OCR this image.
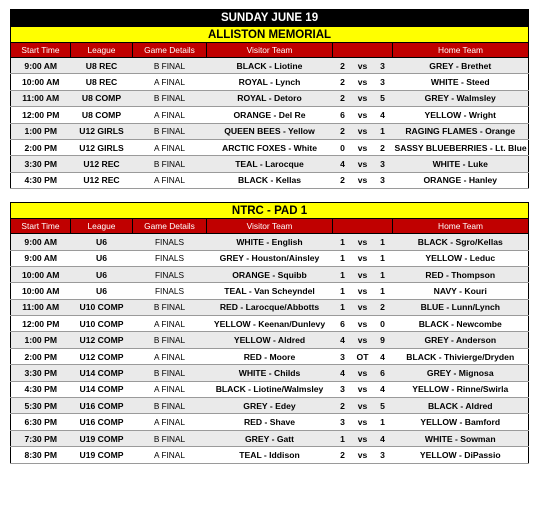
SUNDAY JUNE 19							
ALLISTON MEMORIAL							
Start Time	League	Game Details	Visitor Team				Home Team
9:00 AM	U8 REC	B FINAL	BLACK - Liotine	2	vs	3	GREY - Brethet
10:00 AM	U8 REC	A FINAL	ROYAL - Lynch	2	vs	3	WHITE - Steed
11:00 AM	U8 COMP	B FINAL	ROYAL - Detoro	2	vs	5	GREY - Walmsley
12:00 PM	U8 COMP	A FINAL	ORANGE - Del Re	6	vs	4	YELLOW - Wright
1:00 PM	U12 GIRLS	B FINAL	QUEEN BEES - Yellow	2	vs	1	RAGING FLAMES - Orange
2:00 PM	U12 GIRLS	A FINAL	ARCTIC FOXES - White	0	vs	2	SASSY BLUEBERRIES - Lt. Blue
3:30 PM	U12 REC	B FINAL	TEAL - Larocque	4	vs	3	WHITE - Luke
4:30 PM	U12 REC	A FINAL	BLACK - Kellas	2	vs	3	ORANGE - Hanley

NTRC - PAD 1							
Start Time	League	Game Details	Visitor Team				Home Team
9:00 AM	U6	FINALS	WHITE - English	1	vs	1	BLACK - Sgro/Kellas
9:00 AM	U6	FINALS	GREY - Houston/Ainsley	1	vs	1	YELLOW - Leduc
10:00 AM	U6	FINALS	ORANGE - Squibb	1	vs	1	RED - Thompson
10:00 AM	U6	FINALS	TEAL - Van Scheyndel	1	vs	1	NAVY - Kouri
11:00 AM	U10 COMP	B FINAL	RED - Larocque/Abbotts	1	vs	2	BLUE - Lunn/Lynch
12:00 PM	U10 COMP	A FINAL	YELLOW - Keenan/Dunlevy	6	vs	0	BLACK - Newcombe
1:00 PM	U12 COMP	B FINAL	YELLOW - Aldred	4	vs	9	GREY - Anderson
2:00 PM	U12 COMP	A FINAL	RED - Moore	3	OT	4	BLACK - Thivierge/Dryden
3:30 PM	U14 COMP	B FINAL	WHITE - Childs	4	vs	6	GREY - Mignosa
4:30 PM	U14 COMP	A FINAL	BLACK - Liotine/Walmsley	3	vs	4	YELLOW - Rinne/Swirla
5:30 PM	U16 COMP	B FINAL	GREY - Edey	2	vs	5	BLACK - Aldred
6:30 PM	U16 COMP	A FINAL	RED - Shave	3	vs	1	YELLOW - Bamford
7:30 PM	U19 COMP	B FINAL	GREY - Gatt	1	vs	4	WHITE - Sowman
8:30 PM	U19 COMP	A FINAL	TEAL - Iddison	2	vs	3	YELLOW - DiPassio
